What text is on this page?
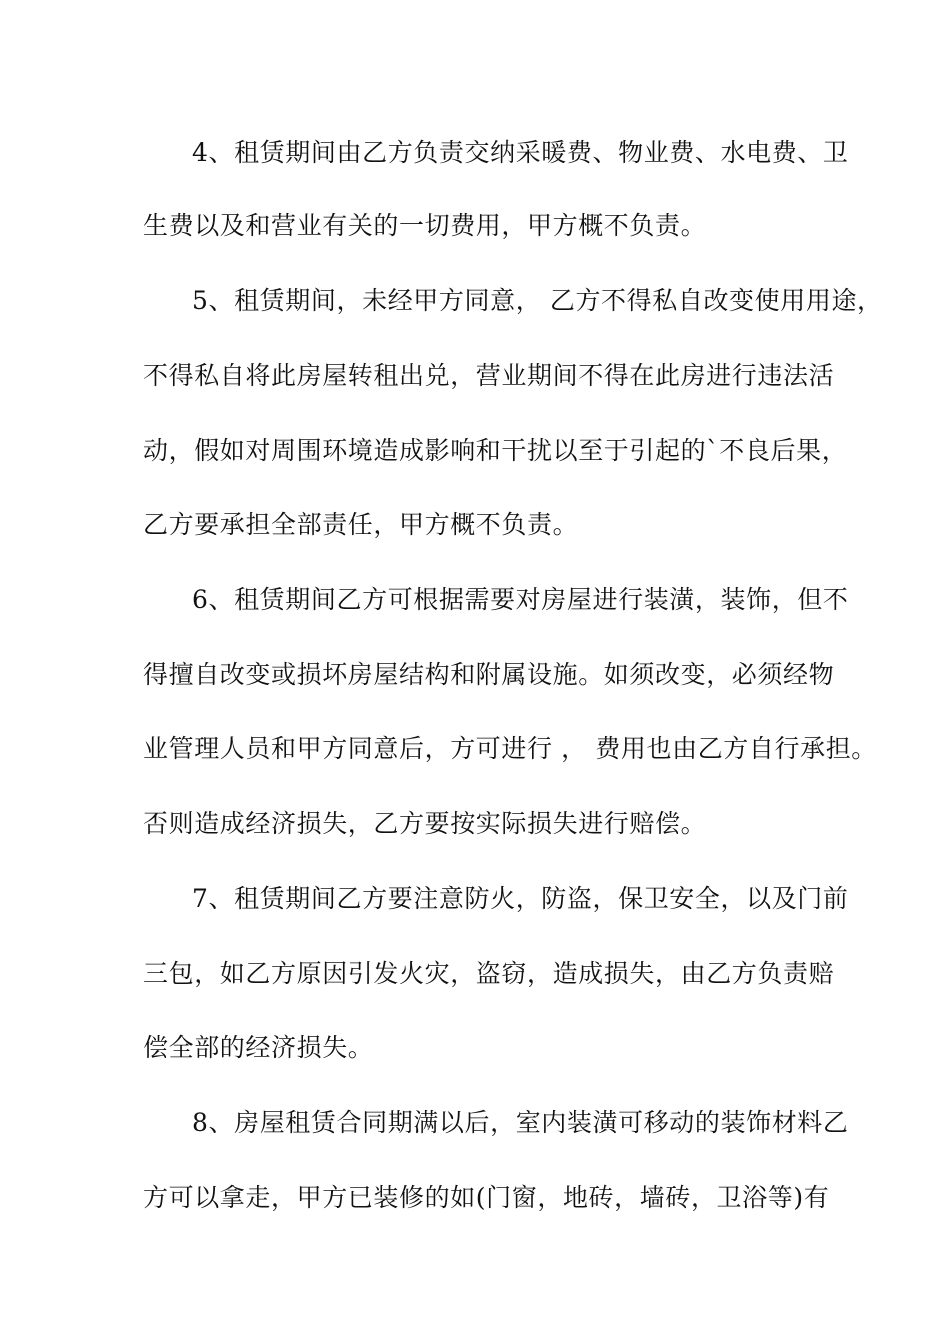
4、租赁期间由乙方负责交纳采暖费、物业费、水电费、卫
生费以及和营业有关的一切费用，甲方概不负责。
5、租赁期间，未经甲方同意， 乙方不得私自改变使用用途，
不得私自将此房屋转租出兑，营业期间不得在此房进行违法活
动，假如对周围环境造成影响和干扰以至于引起的`不良后果，
乙方要承担全部责任，甲方概不负责。
6、租赁期间乙方可根据需要对房屋进行装潢，装饰，但不
得擅自改变或损坏房屋结构和附属设施。如须改变，必须经物
业管理人员和甲方同意后，方可进行 ， 费用也由乙方自行承担。
否则造成经济损失，乙方要按实际损失进行赔偿。
7、租赁期间乙方要注意防火，防盗，保卫安全，以及门前
三包，如乙方原因引发火灾，盗窃，造成损失，由乙方负责赔
偿全部的经济损失。
8、房屋租赁合同期满以后，室内装潢可移动的装饰材料乙
方可以拿走，甲方已装修的如(门窗，地砖，墙砖，卫浴等)有
